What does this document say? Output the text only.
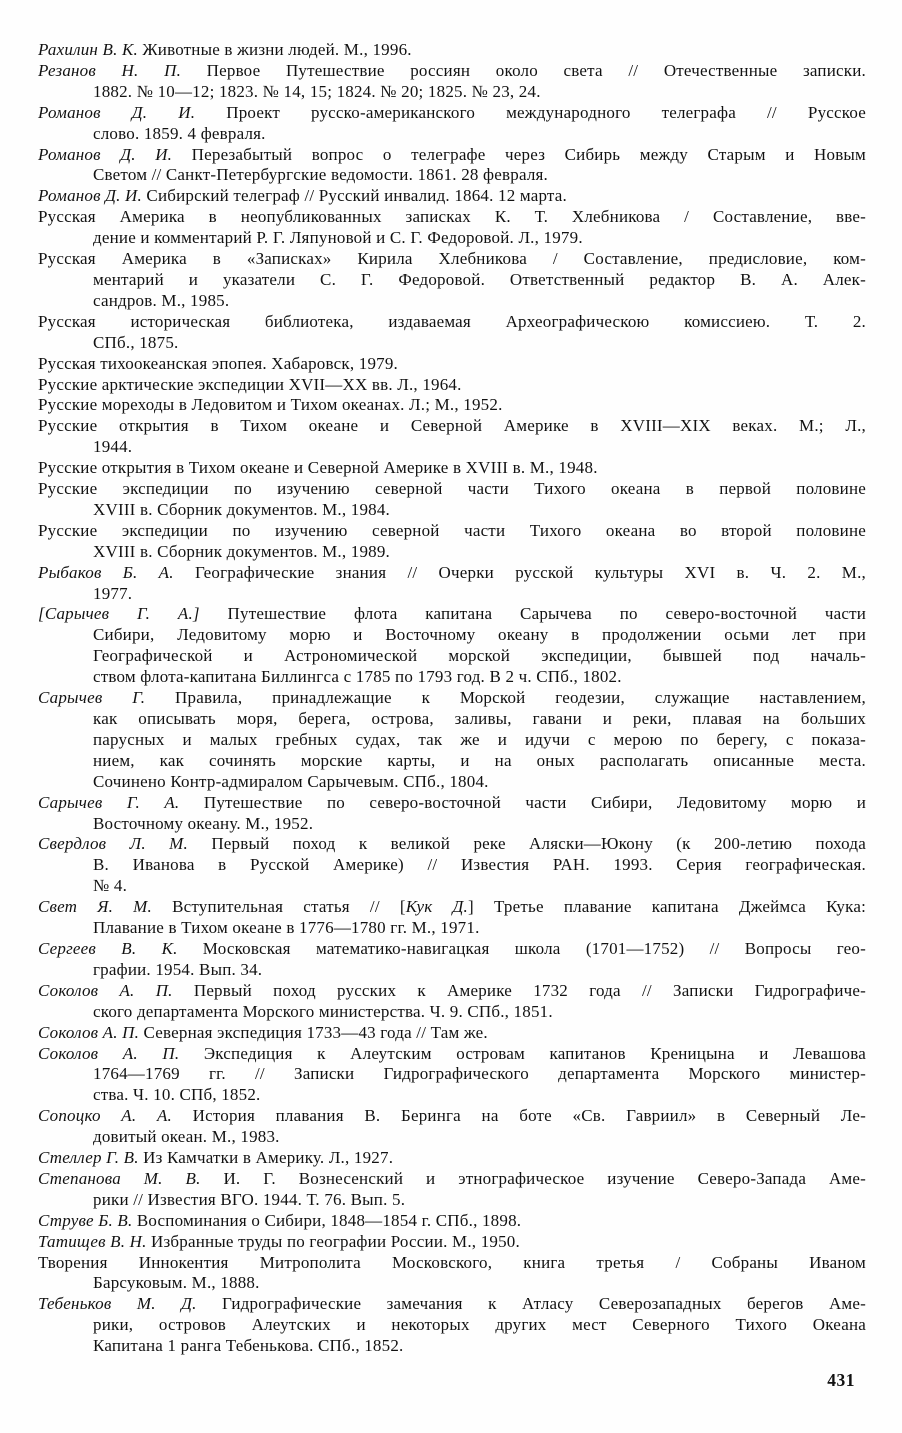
Рахилин В. К. Животные в жизни людей. М., 1996.
Резанов Н. П. Первое Путешествие россиян около света // Отечественные записки.
1882. № 10—12; 1823. № 14, 15; 1824. № 20; 1825. № 23, 24.
Романов Д. И. Проект русско-американского международного телеграфа // Русское
слово. 1859. 4 февраля.
Романов Д. И. Перезабытый вопрос о телеграфе через Сибирь между Старым и Новым
Светом // Санкт-Петербургские ведомости. 1861. 28 февраля.
Романов Д. И. Сибирский телеграф // Русский инвалид. 1864. 12 марта.
Русская Америка в неопубликованных записках К. Т. Хлебникова / Составление, вве-
дение и комментарий Р. Г. Ляпуновой и С. Г. Федоровой. Л., 1979.
Русская Америка в «Записках» Кирила Хлебникова / Составление, предисловие, ком-
ментарий и указатели С. Г. Федоровой. Ответственный редактор В. А. Алек-
сандров. М., 1985.
Русская историческая библиотека, издаваемая Археографическою комиссиею. Т. 2.
СПб., 1875.
Русская тихоокеанская эпопея. Хабаровск, 1979.
Русские арктические экспедиции XVII—XX вв. Л., 1964.
Русские мореходы в Ледовитом и Тихом океанах. Л.; М., 1952.
Русские открытия в Тихом океане и Северной Америке в XVIII—XIX веках. М.; Л.,
1944.
Русские открытия в Тихом океане и Северной Америке в XVIII в. М., 1948.
Русские экспедиции по изучению северной части Тихого океана в первой половине
XVIII в. Сборник документов. М., 1984.
Русские экспедиции по изучению северной части Тихого океана во второй половине
XVIII в. Сборник документов. М., 1989.
Рыбаков Б. А. Географические знания // Очерки русской культуры XVI в. Ч. 2. М.,
1977.
[Сарычев Г. А.] Путешествие флота капитана Сарычева по северо-восточной части
Сибири, Ледовитому морю и Восточному океану в продолжении осьми лет при
Географической и Астрономической морской экспедиции, бывшей под началь-
ством флота-капитана Биллингса с 1785 по 1793 год. В 2 ч. СПб., 1802.
Сарычев Г. Правила, принадлежащие к Морской геодезии, служащие наставлением,
как описывать моря, берега, острова, заливы, гавани и реки, плавая на больших
парусных и малых гребных судах, так же и идучи с мерою по берегу, с показа-
нием, как сочинять морские карты, и на оных располагать описанные места.
Сочинено Контр-адмиралом Сарычевым. СПб., 1804.
Сарычев Г. А. Путешествие по северо-восточной части Сибири, Ледовитому морю и
Восточному океану. М., 1952.
Свердлов Л. М. Первый поход к великой реке Аляски—Юкону (к 200-летию похода
В. Иванова в Русской Америке) // Известия РАН. 1993. Серия географическая.
№ 4.
Свет Я. М. Вступительная статья // [Кук Д.] Третье плавание капитана Джеймса Кука:
Плавание в Тихом океане в 1776—1780 гг. М., 1971.
Сергеев В. К. Московская математико-навигацкая школа (1701—1752) // Вопросы гео-
графии. 1954. Вып. 34.
Соколов А. П. Первый поход русских к Америке 1732 года // Записки Гидрографиче-
ского департамента Морского министерства. Ч. 9. СПб., 1851.
Соколов А. П. Северная экспедиция 1733—43 года // Там же.
Соколов А. П. Экспедиция к Алеутским островам капитанов Креницына и Левашова
1764—1769 гг. // Записки Гидрографического департамента Морского министер-
ства. Ч. 10. СПб, 1852.
Сопоцко А. А. История плавания В. Беринга на боте «Св. Гавриил» в Северный Ле-
довитый океан. М., 1983.
Стеллер Г. В. Из Камчатки в Америку. Л., 1927.
Степанова М. В. И. Г. Вознесенский и этнографическое изучение Северо-Запада Аме-
рики // Известия ВГО. 1944. Т. 76. Вып. 5.
Струве Б. В. Воспоминания о Сибири, 1848—1854 г. СПб., 1898.
Татищев В. Н. Избранные труды по географии России. М., 1950.
Творения Иннокентия Митрополита Московского, книга третья / Собраны Иваном
Барсуковым. М., 1888.
Тебеньков М. Д. Гидрографические замечания к Атласу Северозападных берегов Аме-
рики, островов Алеутских и некоторых других мест Северного Тихого Океана
Капитана 1 ранга Тебенькова. СПб., 1852.
431
